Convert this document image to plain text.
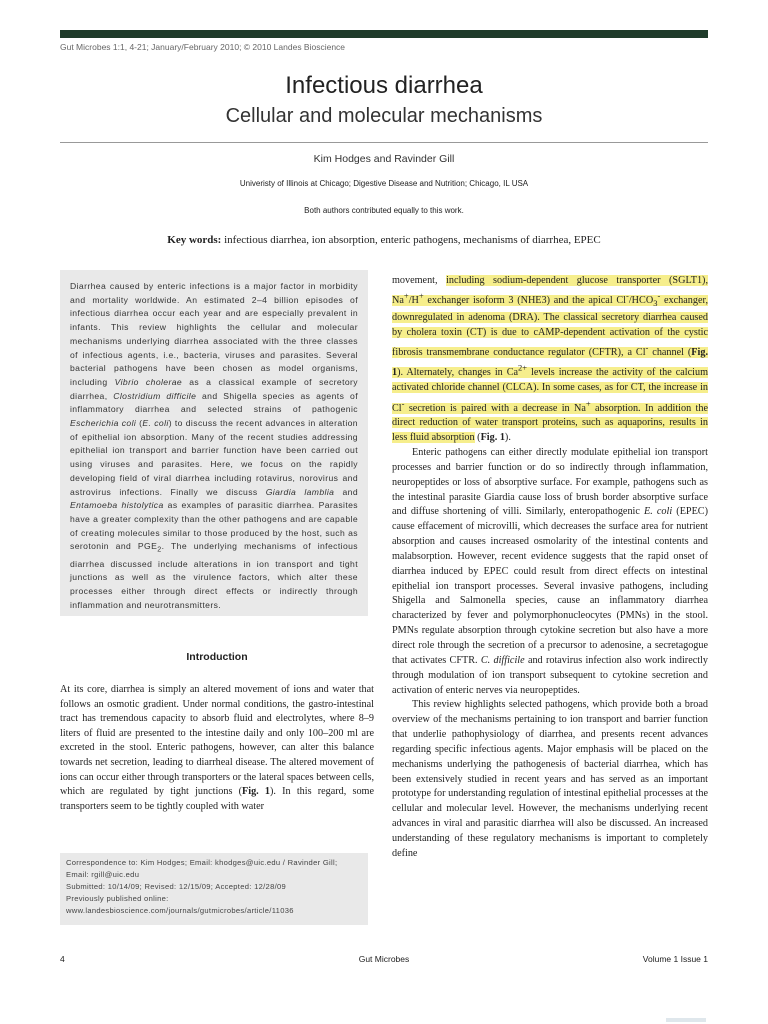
Gut Microbes 1:1, 4-21; January/February 2010; © 2010 Landes Bioscience
Infectious diarrhea
Cellular and molecular mechanisms
Kim Hodges and Ravinder Gill
Univeristy of Illinois at Chicago; Digestive Disease and Nutrition; Chicago, IL USA
Both authors contributed equally to this work.
Key words: infectious diarrhea, ion absorption, enteric pathogens, mechanisms of diarrhea, EPEC

Diarrhea caused by enteric infections is a major factor in morbidity and mortality worldwide. An estimated 2–4 billion episodes of infectious diarrhea occur each year and are especially prevalent in infants. This review highlights the cellular and molecular mechanisms underlying diarrhea associated with the three classes of infectious agents, i.e., bacteria, viruses and parasites. Several bacterial pathogens have been chosen as model organisms, including Vibrio cholerae as a classical example of secretory diarrhea, Clostridium difficile and Shigella species as agents of inflammatory diarrhea and selected strains of pathogenic Escherichia coli (E. coli) to discuss the recent advances in alteration of epithelial ion absorption. Many of the recent studies addressing epithelial ion transport and barrier function have been carried out using viruses and parasites. Here, we focus on the rapidly developing field of viral diarrhea including rotavirus, norovirus and astrovirus infections. Finally we discuss Giardia lamblia and Entamoeba histolytica as examples of parasitic diarrhea. Parasites have a greater complexity than the other pathogens and are capable of creating molecules similar to those produced by the host, such as serotonin and $PGE_2$. The underlying mechanisms of infectious diarrhea discussed include alterations in ion transport and tight junctions as well as the virulence factors, which alter these processes either through direct effects or indirectly through inflammation and neurotransmitters.

Introduction

At its core, diarrhea is simply an altered movement of ions and water that follows an osmotic gradient. Under normal conditions, the gastro-intestinal tract has tremendous capacity to absorb fluid and electrolytes, where 8–9 liters of fluid are presented to the intestine daily and only 100–200 ml are excreted in the stool. Enteric pathogens, however, can alter this balance towards net secretion, leading to diarrheal disease. The altered movement of ions can occur either through transporters or the lateral spaces between cells, which are regulated by tight junctions (Fig. 1). In this regard, some transporters seem to be tightly coupled with water

Correspondence to: Kim Hodges; Email: khodges@uic.edu / Ravinder Gill;
Email: rgill@uic.edu
Submitted: 10/14/09; Revised: 12/15/09; Accepted: 12/28/09
Previously published online:
www.landesbioscience.com/journals/gutmicrobes/article/11036

movement, including sodium-dependent glucose transporter (SGLT1), Na+/H+ exchanger isoform 3 (NHE3) and the apical $Cl^-/HCO_3^-$ exchanger, downregulated in adenoma (DRA). The classical secretory diarrhea caused by cholera toxin (CT) is due to cAMP-dependent activation of the cystic fibrosis transmembrane conductance regulator (CFTR), a Cl- channel (Fig. 1). Alternately, changes in $Ca^{2+}$ levels increase the activity of the calcium activated chloride channel (CLCA). In some cases, as for CT, the increase in Cl- secretion is paired with a decrease in Na+ absorption. In addition the direct reduction of water transport proteins, such as aquaporins, results in less fluid absorption (Fig. 1).

Enteric pathogens can either directly modulate epithelial ion transport processes and barrier function or do so indirectly through inflammation, neuropeptides or loss of absorptive surface. For example, pathogens such as the intestinal parasite Giardia cause loss of brush border absorptive surface and diffuse shortening of villi. Similarly, enteropathogenic E. coli (EPEC) cause effacement of microvilli, which decreases the surface area for nutrient absorption and causes increased osmolarity of the intestinal contents and malabsorption. However, recent evidence suggests that the rapid onset of diarrhea induced by EPEC could result from direct effects on intestinal epithelial ion transport processes. Several invasive pathogens, including Shigella and Salmonella species, cause an inflammatory diarrhea characterized by fever and polymorphonucleocytes (PMNs) in the stool. PMNs regulate absorption through cytokine secretion but also have a more direct role through the secretion of a precursor to adenosine, a secretagogue that activates CFTR. C. difficile and rotavirus infection also work indirectly through modulation of ion transport subsequent to cytokine secretion and activation of enteric nerves via neuropeptides.

This review highlights selected pathogens, which provide both a broad overview of the mechanisms pertaining to ion transport and barrier function that underlie pathophysiology of diarrhea, and presents recent advances regarding specific infectious agents. Major emphasis will be placed on the mechanisms underlying the pathogenesis of bacterial diarrhea, which has been extensively studied in recent years and has served as an important prototype for understanding regulation of intestinal epithelial processes at the cellular and molecular level. However, the mechanisms underlying recent advances in viral and parasitic diarrhea will also be discussed. An increased understanding of these regulatory mechanisms is important to completely define

4	Gut Microbes	Volume 1 Issue 1
